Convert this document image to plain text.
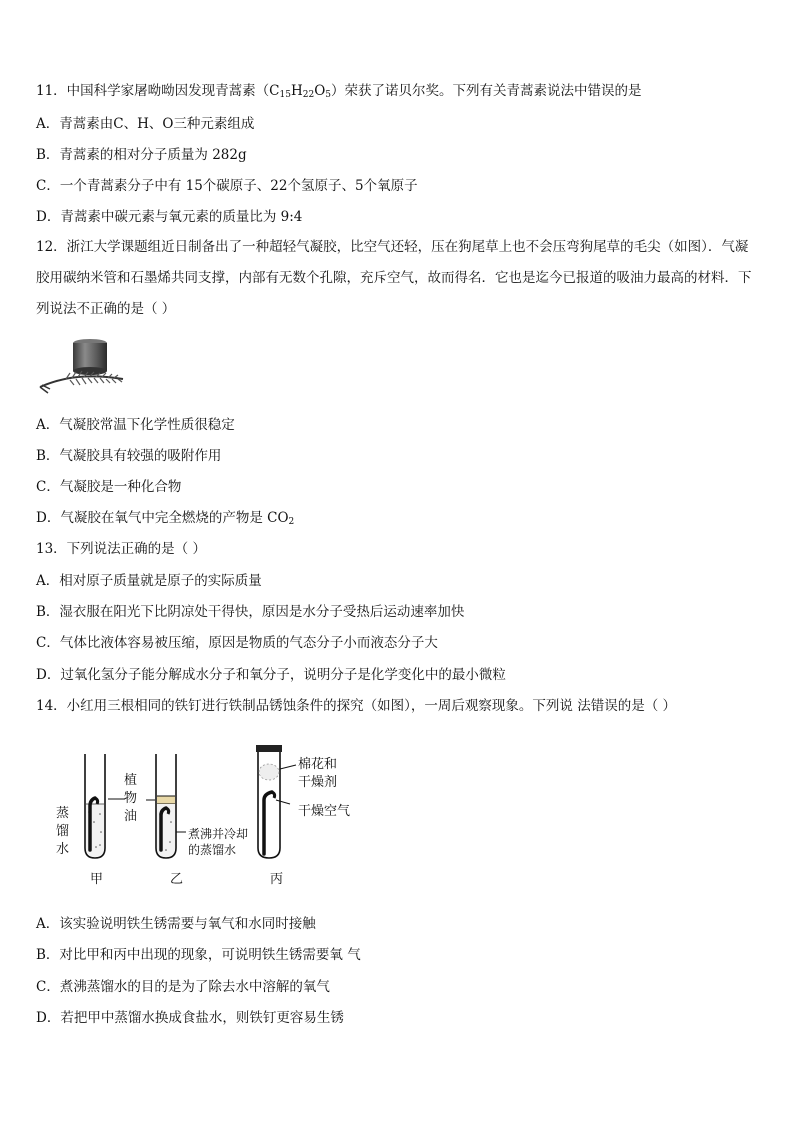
11．中国科学家屠呦呦因发现青蒿素$(C_{15}H_{22}O_5)$荣获了诺贝尔奖。下列有关青蒿素说法中错误的是
A．青蒿素由C、H、O三种元素组成
B．青蒿素的相对分子质量为 282g
C．一个青蒿素分子中有 15个碳原子、22个氢原子、5个氧原子
D．青蒿素中碳元素与氧元素的质量比为 9:4
12．浙江大学课题组近日制备出了一种超轻气凝胶，比空气还轻，压在狗尾草上也不会压弯狗尾草的毛尖（如图）．气凝胶用碳纳米管和石墨烯共同支撑，内部有无数个孔隙，充斥空气，故而得名．它也是迄今已报道的吸油力最高的材料．下列说法不正确的是（ ）
A．气凝胶常温下化学性质很稳定
B．气凝胶具有较强的吸附作用
C．气凝胶是一种化合物
D．气凝胶在氧气中完全燃烧的产物是 $CO_2$
13．下列说法正确的是（ ）
A．相对原子质量就是原子的实际质量
B．湿衣服在阳光下比阴凉处干得快，原因是水分子受热后运动速率加快
C．气体比液体容易被压缩，原因是物质的气态分子小而液态分子大
D．过氧化氢分子能分解成水分子和氧分子，说明分子是化学变化中的最小微粒
14．小红用三根相同的铁钉进行铁制品锈蚀条件的探究（如图），一周后观察现象。下列说 法错误的是（ ）
蒸
馏
水
植
物
油
煮沸并冷却
的蒸馏水
棉花和
干燥剂
干燥空气
甲	乙	丙
A．该实验说明铁生锈需要与氧气和水同时接触
B．对比甲和丙中出现的现象，可说明铁生锈需要氧 气
C．煮沸蒸馏水的目的是为了除去水中溶解的氧气
D．若把甲中蒸馏水换成食盐水，则铁钉更容易生锈
